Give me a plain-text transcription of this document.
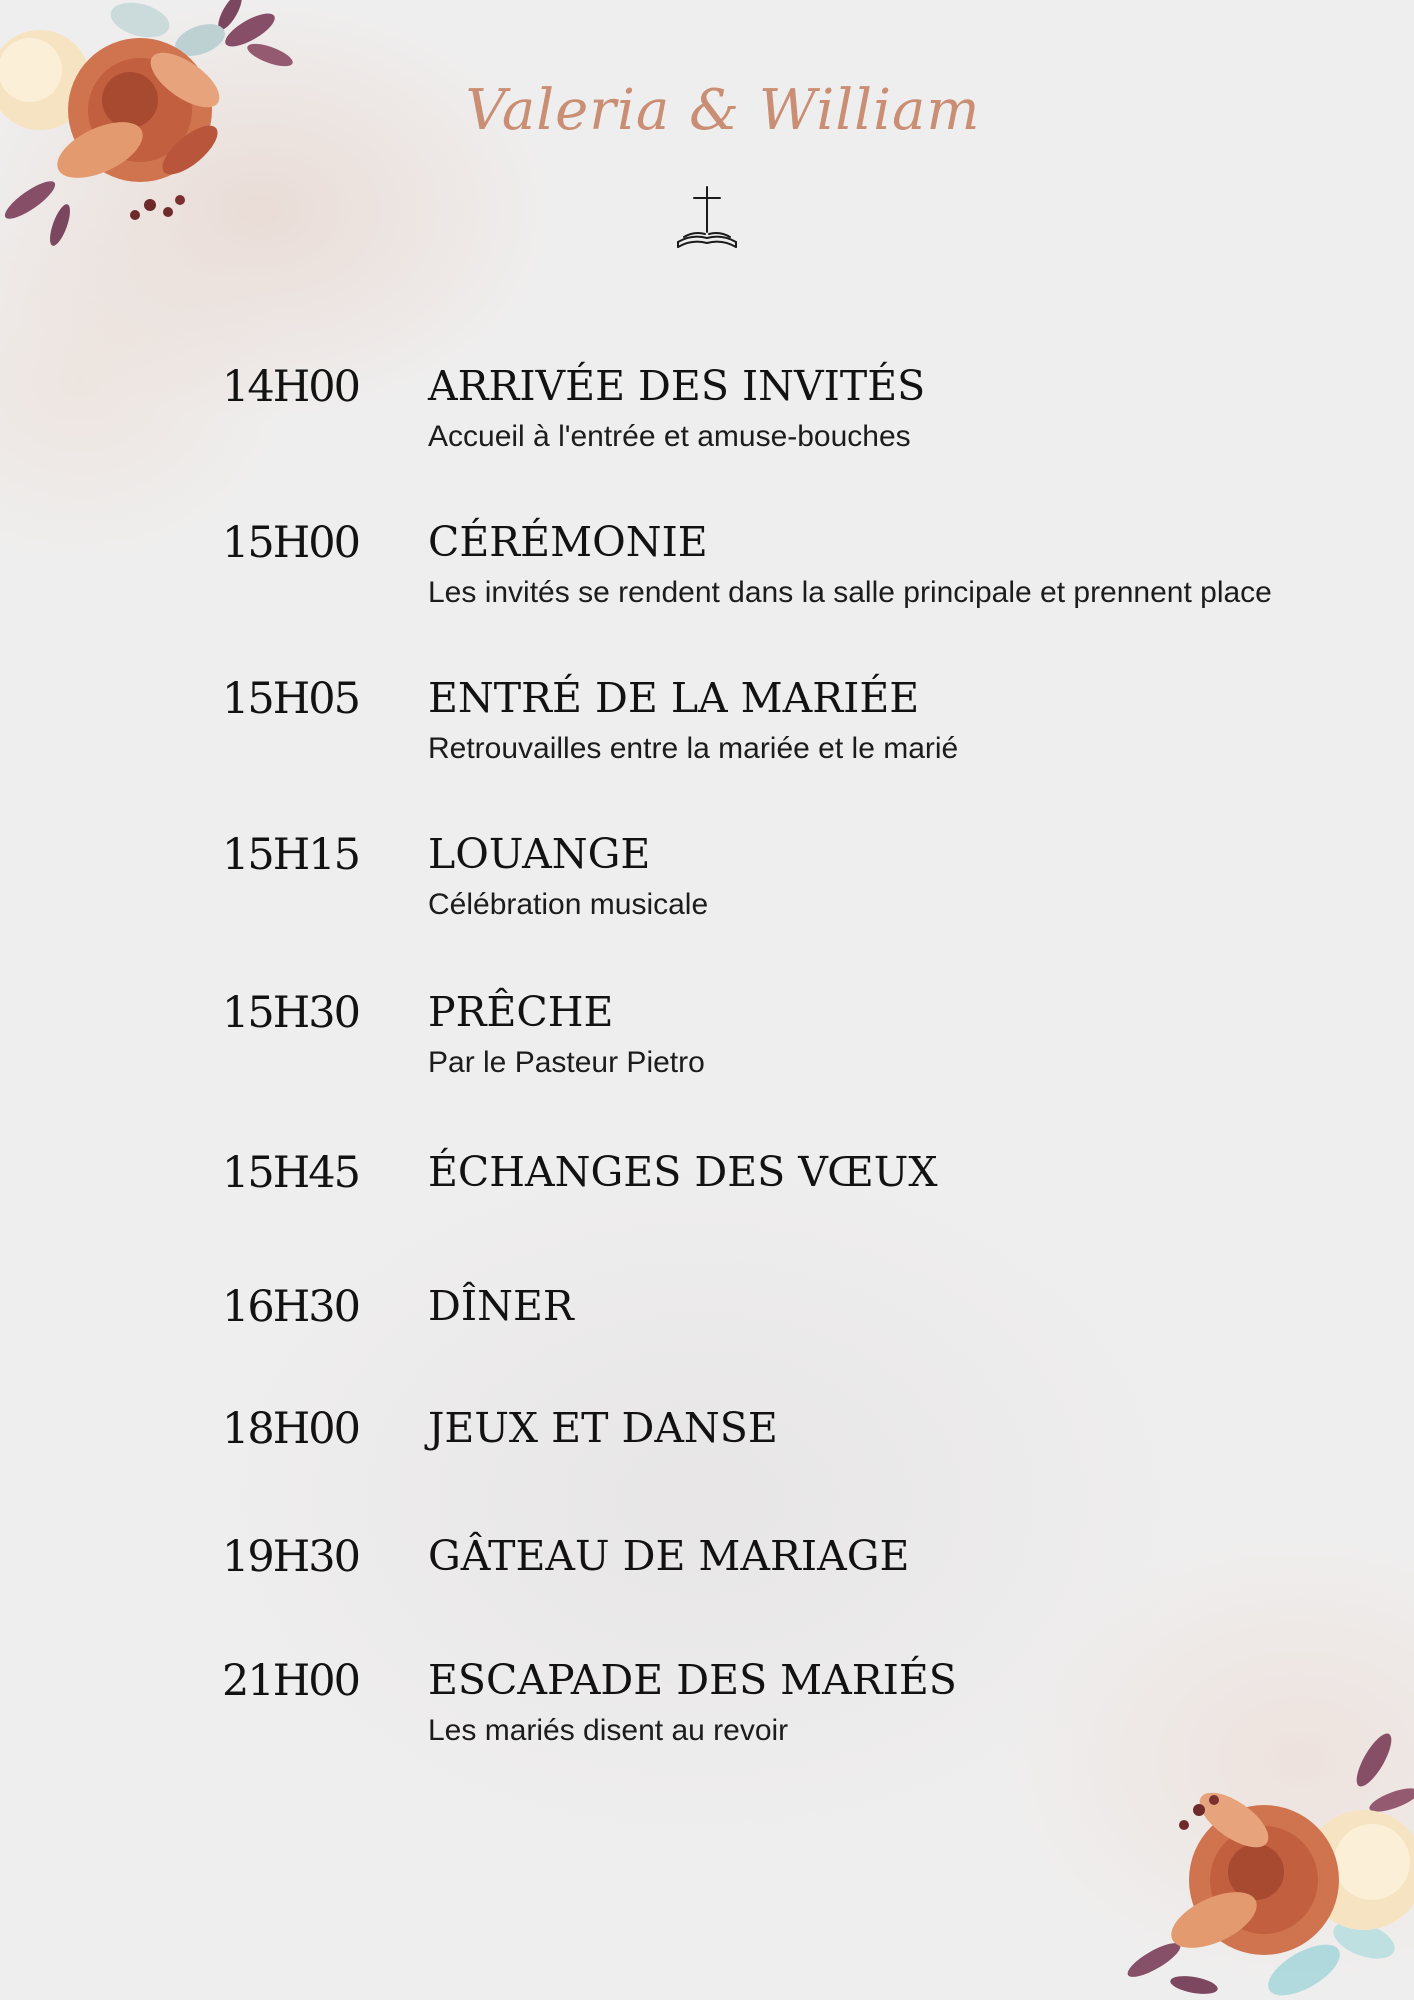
Valeria & William
14H00 ARRIVÉE DES INVITÉS
Accueil à l'entrée et amuse-bouches
15H00 CÉRÉMONIE
Les invités se rendent dans la salle principale et prennent place
15H05 ENTRÉ DE LA MARIÉE
Retrouvailles entre la mariée et le marié
15H15 LOUANGE
Célébration musicale
15H30 PRÊCHE
Par le Pasteur Pietro
15H45 ÉCHANGES DES VŒUX
16H30 DÎNER
18H00 JEUX ET DANSE
19H30 GÂTEAU DE MARIAGE
21H00 ESCAPADE DES MARIÉS
Les mariés disent au revoir
